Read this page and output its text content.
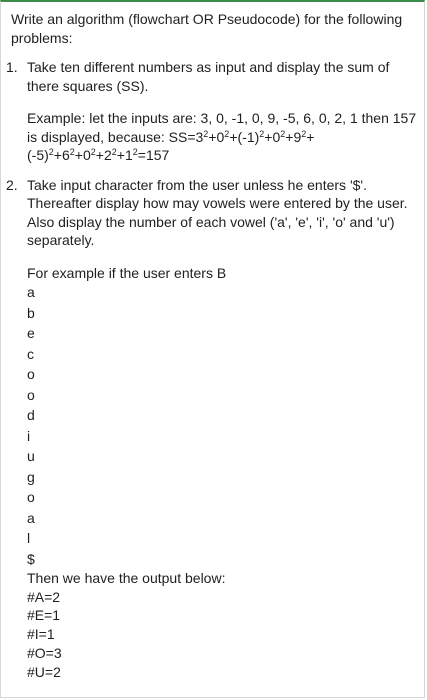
Write an algorithm (flowchart OR Pseudocode) for the following problems:
1. Take ten different numbers as input and display the sum of there squares (SS).
Example: let the inputs are: 3, 0, -1, 0, 9, -5, 6, 0, 2, 1 then 157 is displayed, because: $SS=3^2+0^2+(-1)^2+0^2+9^2+(-5)^2+6^2+0^2+2^2+1^2=157$
2. Take input character from the user unless he enters '$'. Thereafter display how may vowels were entered by the user. Also display the number of each vowel ('a', 'e', 'i', 'o' and 'u') separately.
For example if the user enters B
a
b
e
c
o
o
d
i
u
g
o
a
l
$
Then we have the output below:
#A=2
#E=1
#I=1
#O=3
#U=2
